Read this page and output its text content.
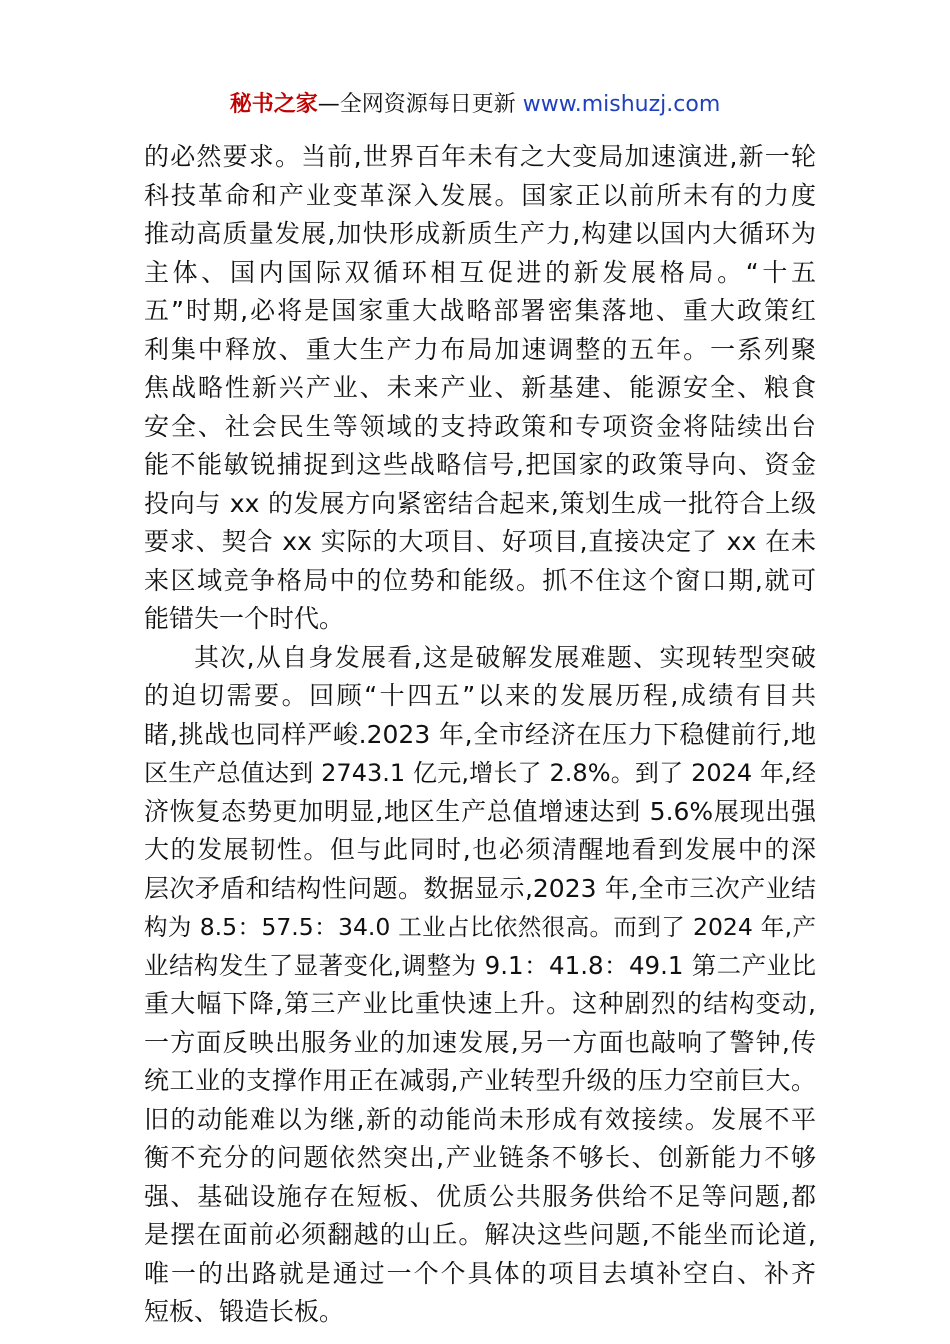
秘书之家—全网资源每日更新 www.mishuzj.com
的必然要求。当前,世界百年未有之大变局加速演进,新一轮
科技革命和产业变革深入发展。国家正以前所未有的力度
推动高质量发展,加快形成新质生产力,构建以国内大循环为
主体、国内国际双循环相互促进的新发展格局。“十五
五”时期,必将是国家重大战略部署密集落地、重大政策红
利集中释放、重大生产力布局加速调整的五年。一系列聚
焦战略性新兴产业、未来产业、新基建、能源安全、粮食
安全、社会民生等领域的支持政策和专项资金将陆续出台
能不能敏锐捕捉到这些战略信号,把国家的政策导向、资金
投向与 xx 的发展方向紧密结合起来,策划生成一批符合上级
要求、契合 xx 实际的大项目、好项目,直接决定了 xx 在未
来区域竞争格局中的位势和能级。抓不住这个窗口期,就可
能错失一个时代。
其次,从自身发展看,这是破解发展难题、实现转型突破
的迫切需要。回顾“十四五”以来的发展历程,成绩有目共
睹,挑战也同样严峻.2023 年,全市经济在压力下稳健前行,地
区生产总值达到 2743.1 亿元,增长了 2.8%。到了 2024 年,经
济恢复态势更加明显,地区生产总值增速达到 5.6%展现出强
大的发展韧性。但与此同时,也必须清醒地看到发展中的深
层次矛盾和结构性问题。数据显示,2023 年,全市三次产业结
构为 8.5：57.5：34.0 工业占比依然很高。而到了 2024 年,产
业结构发生了显著变化,调整为 9.1：41.8：49.1 第二产业比
重大幅下降,第三产业比重快速上升。这种剧烈的结构变动,
一方面反映出服务业的加速发展,另一方面也敲响了警钟,传
统工业的支撑作用正在减弱,产业转型升级的压力空前巨大。
旧的动能难以为继,新的动能尚未形成有效接续。发展不平
衡不充分的问题依然突出,产业链条不够长、创新能力不够
强、基础设施存在短板、优质公共服务供给不足等问题,都
是摆在面前必须翻越的山丘。解决这些问题,不能坐而论道,
唯一的出路就是通过一个个具体的项目去填补空白、补齐
短板、锻造长板。
